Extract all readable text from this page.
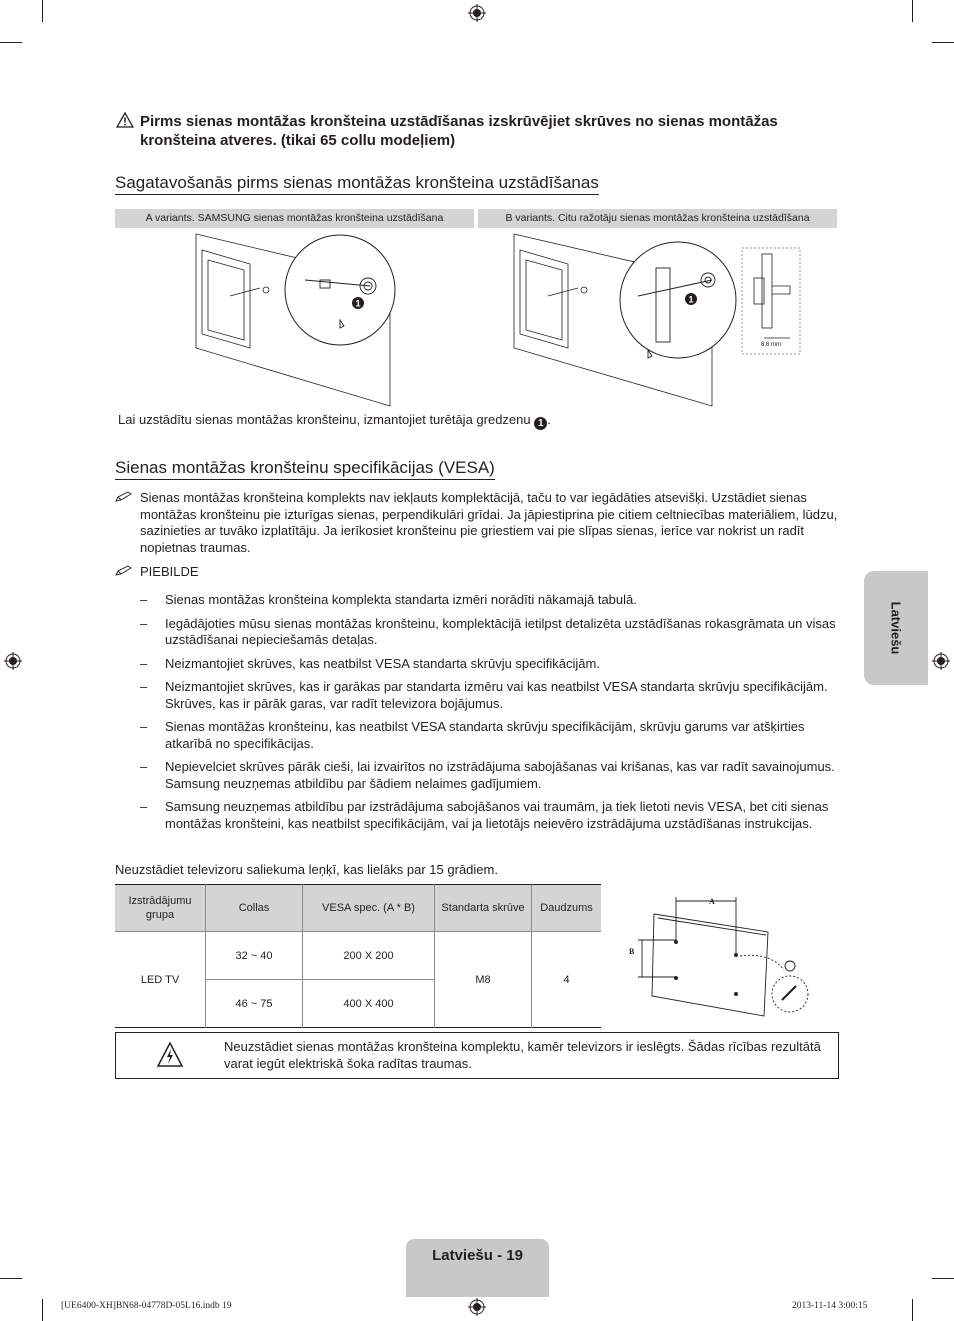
Pirms sienas montāžas kronšteina uzstādīšanas izskrūvējiet skrūves no sienas montāžas kronšteina atveres. (tikai 65 collu modeļiem)
Sagatavošanās pirms sienas montāžas kronšteina uzstādīšanas
A variants. SAMSUNG sienas montāžas kronšteina uzstādīšana	B variants. Citu ražotāju sienas montāžas kronšteina uzstādīšana
1	1
8.6 mm
Lai uzstādītu sienas montāžas kronšteinu, izmantojiet turētāja gredzenu 1 .
Sienas montāžas kronšteinu specifikācijas (VESA)
Sienas montāžas kronšteina komplekts nav iekļauts komplektācijā, taču to var iegādāties atsevišķi. Uzstādiet sienas montāžas kronšteinu pie izturīgas sienas, perpendikulāri grīdai. Ja jāpiestiprina pie citiem celtniecības materiāliem, lūdzu, sazinieties ar tuvāko izplatītāju. Ja ierīkosiet kronšteinu pie griestiem vai pie slīpas sienas, ierīce var nokrist un radīt nopietnas traumas.
PIEBILDE
– Sienas montāžas kronšteina komplekta standarta izmēri norādīti nākamajā tabulā.
– Iegādājoties mūsu sienas montāžas kronšteinu, komplektācijā ietilpst detalizēta uzstādīšanas rokasgrāmata un visas uzstādīšanai nepieciešamās detaļas.
– Neizmantojiet skrūves, kas neatbilst VESA standarta skrūvju specifikācijām.
– Neizmantojiet skrūves, kas ir garākas par standarta izmēru vai kas neatbilst VESA standarta skrūvju specifikācijām. Skrūves, kas ir pārāk garas, var radīt televizora bojājumus.
– Sienas montāžas kronšteinu, kas neatbilst VESA standarta skrūvju specifikācijām, skrūvju garums var atšķirties atkarībā no specifikācijas.
– Nepievelciet skrūves pārāk cieši, lai izvairītos no izstrādājuma sabojāšanas vai krišanas, kas var radīt savainojumus. Samsung neuzņemas atbildību par šādiem nelaimes gadījumiem.
– Samsung neuzņemas atbildību par izstrādājuma sabojāšanos vai traumām, ja tiek lietoti nevis VESA, bet citi sienas montāžas kronšteini, kas neatbilst specifikācijām, vai ja lietotājs neievēro izstrādājuma uzstādīšanas instrukcijas.
Neuzstādiet televizoru saliekuma leņķī, kas lielāks par 15 grādiem.
Izstrādājumu grupa	Collas	VESA spec. (A * B)	Standarta skrūve	Daudzums
LED TV	32 ~ 40	200 X 200	M8	4
	46 ~ 75	400 X 400		
A
B
Neuzstādiet sienas montāžas kronšteina komplektu, kamēr televizors ir ieslēgts. Šādas rīcības rezultātā varat iegūt elektriskā šoka radītas traumas.
Latviešu
Latviešu - 19
[UE6400-XH]BN68-04778D-05L16.indb 19	2013-11-14 3:00:15
